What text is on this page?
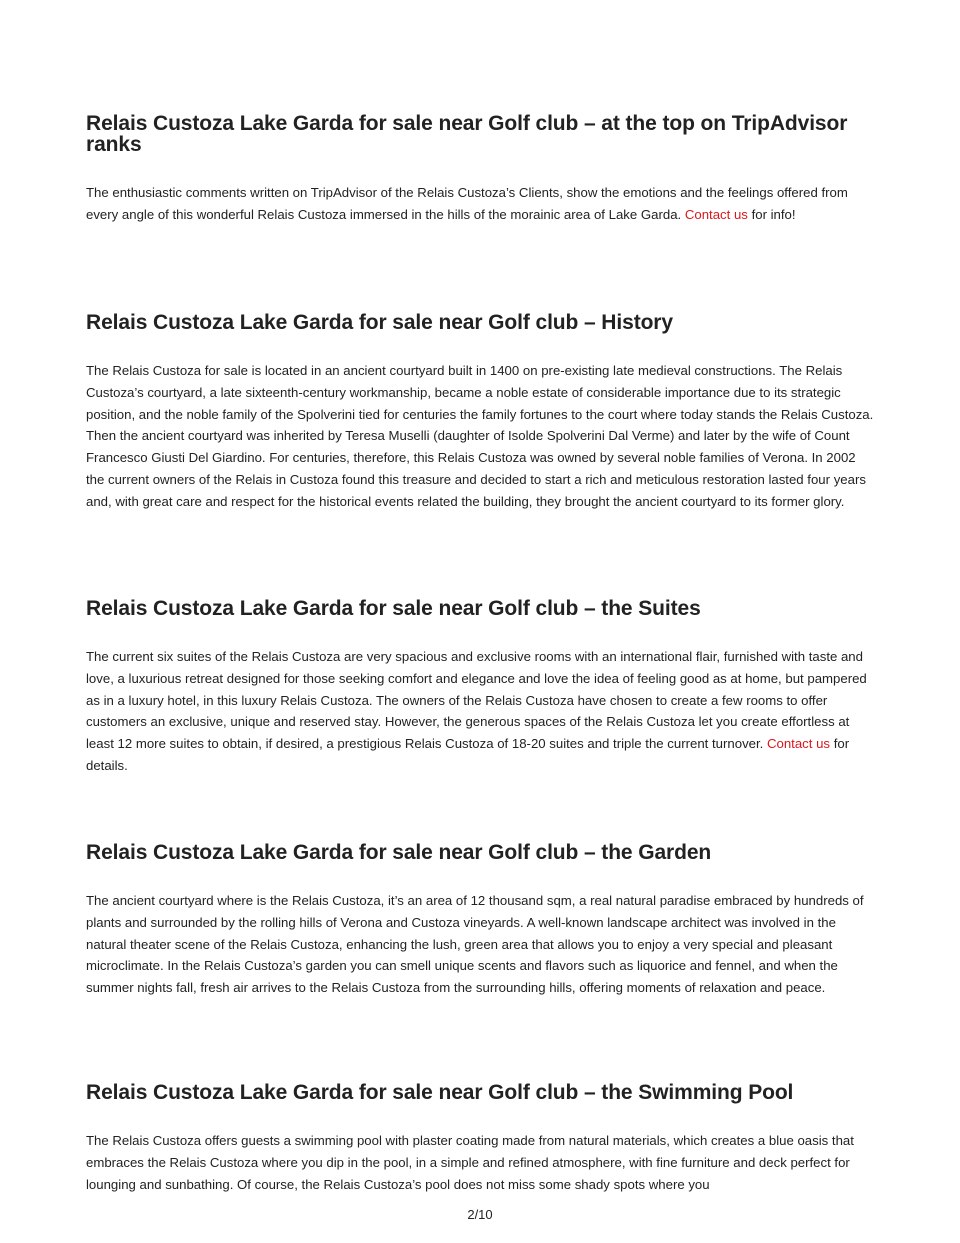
Relais Custoza Lake Garda for sale near Golf club – at the top on TripAdvisor ranks

The enthusiastic comments written on TripAdvisor of the Relais Custoza’s Clients, show the emotions and the feelings offered from every angle of this wonderful Relais Custoza immersed in the hills of the morainic area of Lake Garda. Contact us for info!

Relais Custoza Lake Garda for sale near Golf club – History

The Relais Custoza for sale is located in an ancient courtyard built in 1400 on pre-existing late medieval constructions. The Relais Custoza’s courtyard, a late sixteenth-century workmanship, became a noble estate of considerable importance due to its strategic position, and the noble family of the Spolverini tied for centuries the family fortunes to the court where today stands the Relais Custoza. Then the ancient courtyard was inherited by Teresa Muselli (daughter of Isolde Spolverini Dal Verme) and later by the wife of Count Francesco Giusti Del Giardino. For centuries, therefore, this Relais Custoza was owned by several noble families of Verona. In 2002 the current owners of the Relais in Custoza found this treasure and decided to start a rich and meticulous restoration lasted four years and, with great care and respect for the historical events related the building, they brought the ancient courtyard to its former glory.

Relais Custoza Lake Garda for sale near Golf club – the Suites

The current six suites of the Relais Custoza are very spacious and exclusive rooms with an international flair, furnished with taste and love, a luxurious retreat designed for those seeking comfort and elegance and love the idea of feeling good as at home, but pampered as in a luxury hotel, in this luxury Relais Custoza. The owners of the Relais Custoza have chosen to create a few rooms to offer customers an exclusive, unique and reserved stay. However, the generous spaces of the Relais Custoza let you create effortless at least 12 more suites to obtain, if desired, a prestigious Relais Custoza of 18-20 suites and triple the current turnover. Contact us for details.

Relais Custoza Lake Garda for sale near Golf club – the Garden

The ancient courtyard where is the Relais Custoza, it’s an area of 12 thousand sqm, a real natural paradise embraced by hundreds of plants and surrounded by the rolling hills of Verona and Custoza vineyards. A well-known landscape architect was involved in the natural theater scene of the Relais Custoza, enhancing the lush, green area that allows you to enjoy a very special and pleasant microclimate. In the Relais Custoza’s garden you can smell unique scents and flavors such as liquorice and fennel, and when the summer nights fall, fresh air arrives to the Relais Custoza from the surrounding hills, offering moments of relaxation and peace.

Relais Custoza Lake Garda for sale near Golf club – the Swimming Pool

The Relais Custoza offers guests a swimming pool with plaster coating made from natural materials, which creates a blue oasis that embraces the Relais Custoza where you dip in the pool, in a simple and refined atmosphere, with fine furniture and deck perfect for lounging and sunbathing. Of course, the Relais Custoza’s pool does not miss some shady spots where you

2/10
